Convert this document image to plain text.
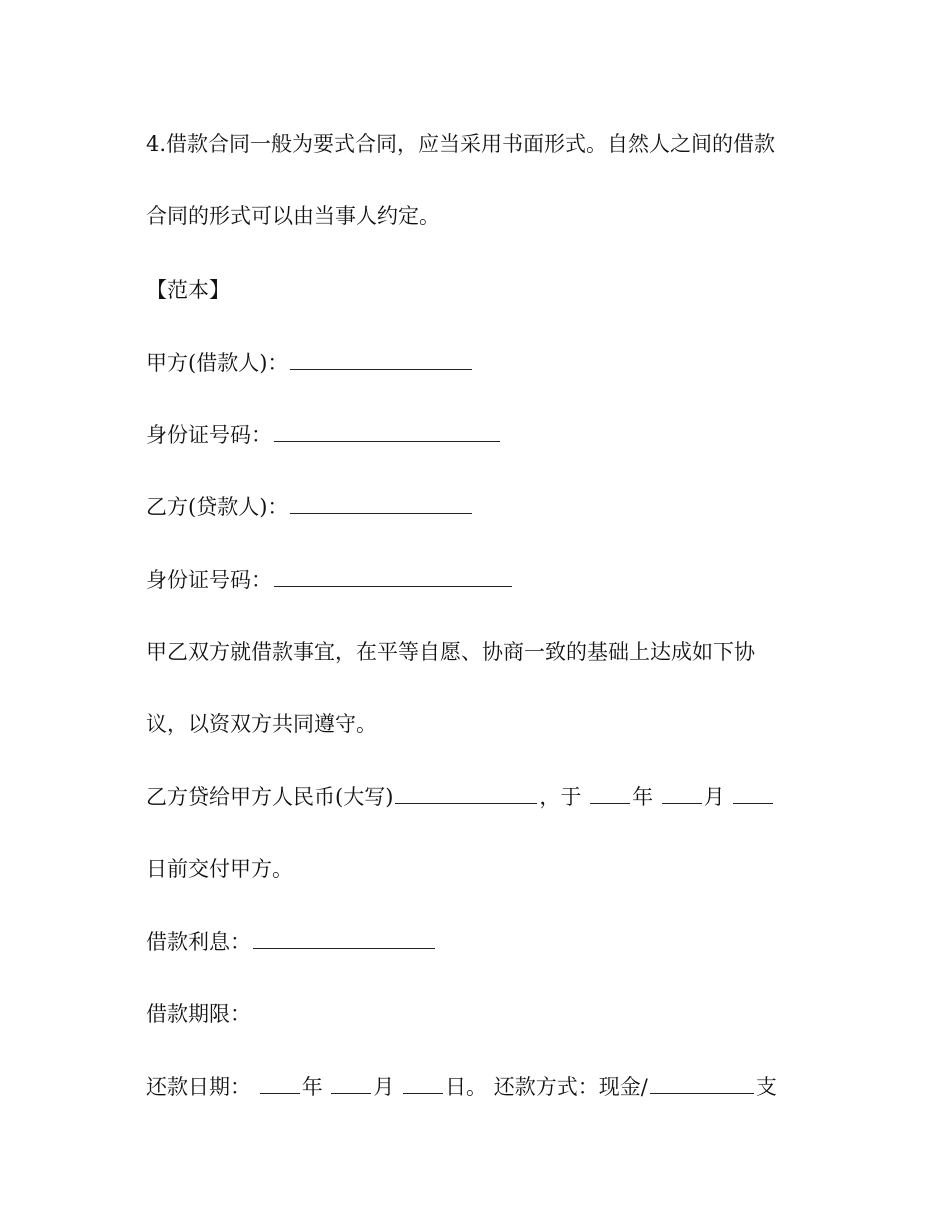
4.借款合同一般为要式合同，应当采用书面形式。自然人之间的借款
合同的形式可以由当事人约定。
【范本】
甲方(借款人)：
身份证号码：
乙方(贷款人)：
身份证号码：
甲乙双方就借款事宜，在平等自愿、协商一致的基础上达成如下协
议，以资双方共同遵守。
乙方贷给甲方人民币(大写)	，于 年 月
日前交付甲方。
借款利息：
借款期限：
还款日期： 年 月 日。 还款方式：现金/	支
